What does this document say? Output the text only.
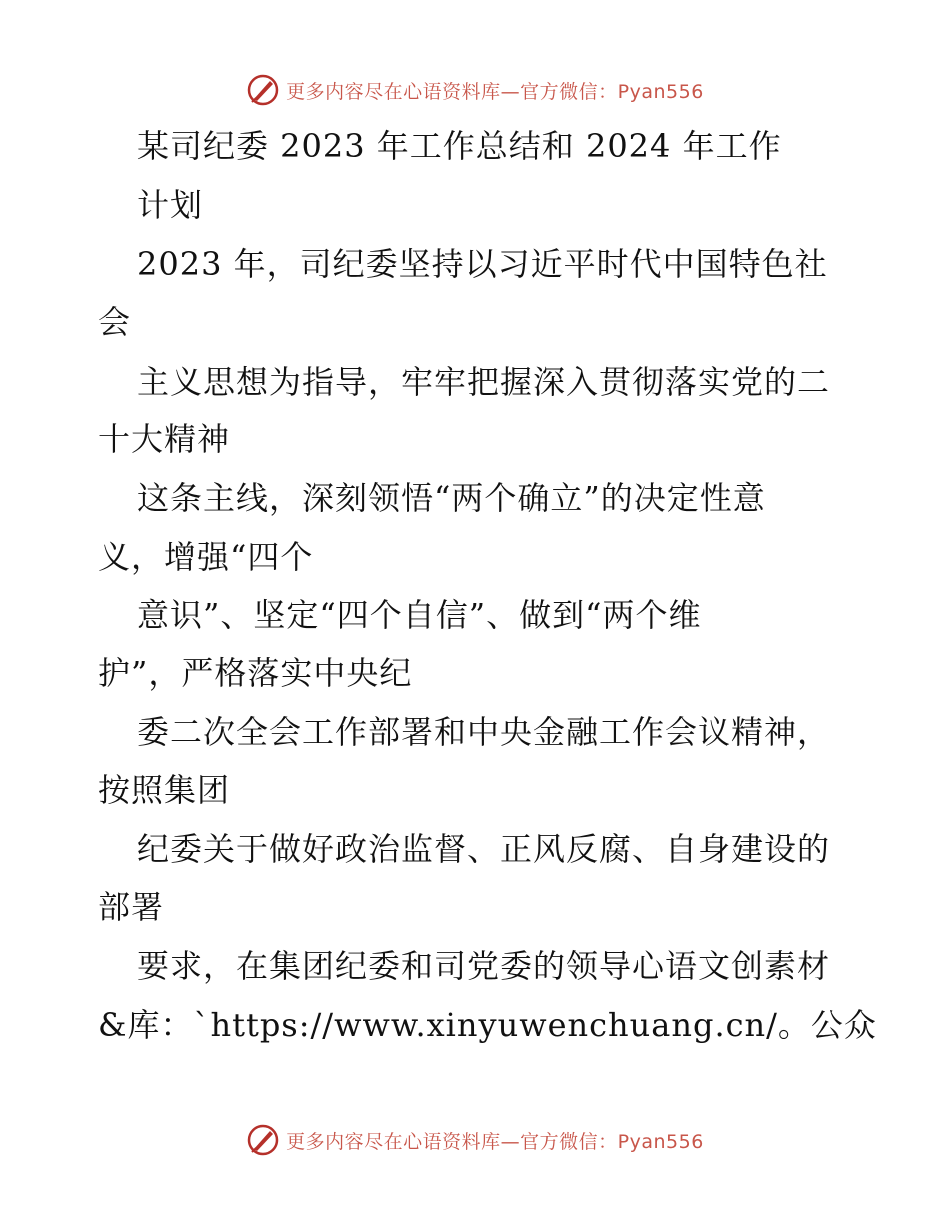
更多内容尽在心语资料库—官方微信：Pyan556
某司纪委 2023 年工作总结和 2024 年工作
计划
2023 年，司纪委坚持以习近平时代中国特色社
会
主义思想为指导，牢牢把握深入贯彻落实党的二
十大精神
这条主线，深刻领悟“两个确立”的决定性意
义，增强“四个
意识”、坚定“四个自信”、做到“两个维
护”，严格落实中央纪
委二次全会工作部署和中央金融工作会议精神，
按照集团
纪委关于做好政治监督、正风反腐、自身建设的
部署
要求，在集团纪委和司党委的领导心语文创素材
&库：`https://www.xinyuwenchuang.cn/。公众
更多内容尽在心语资料库—官方微信：Pyan556
